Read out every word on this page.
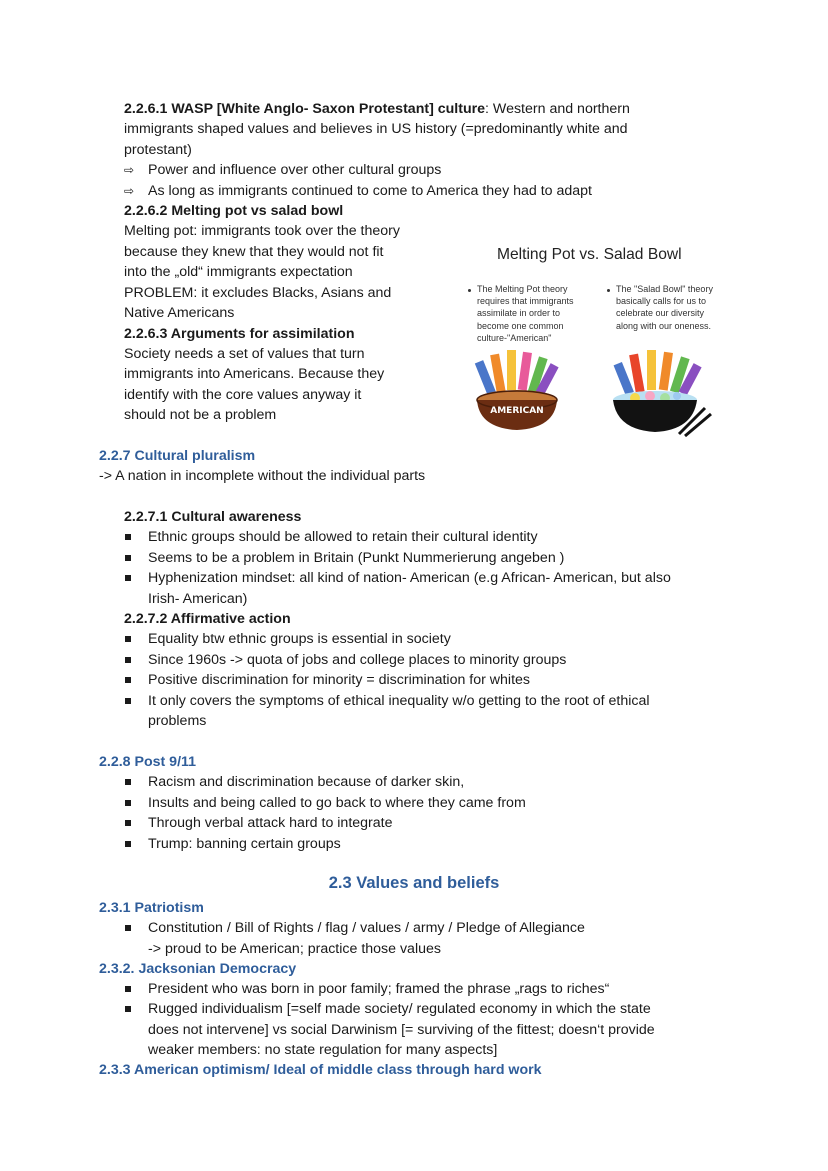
2.2.6.1 WASP [White Anglo- Saxon Protestant] culture: Western and northern
immigrants shaped values and believes in US history (=predominantly white and
protestant)
⇨ Power and influence over other cultural groups
⇨ As long as immigrants continued to come to America they had to adapt
2.2.6.2 Melting pot vs salad bowl
Melting pot: immigrants took over the theory
because they knew that they would not fit
into the „old“ immigrants expectation
PROBLEM: it excludes Blacks, Asians and
Native Americans
2.2.6.3 Arguments for assimilation
Society needs a set of values that turn
immigrants into Americans. Because they
identify with the core values anyway it
should not be a problem
Melting Pot vs. Salad Bowl
The Melting Pot theory
requires that immigrants
assimilate in order to
become one common
culture-"American"
The "Salad Bowl" theory
basically calls for us to
celebrate our diversity
along with our oneness.
AMERICAN
2.2.7 Cultural pluralism
-> A nation in incomplete without the individual parts
2.2.7.1 Cultural awareness
Ethnic groups should be allowed to retain their cultural identity
Seems to be a problem in Britain (Punkt Nummerierung angeben )
Hyphenization mindset: all kind of nation- American (e.g African- American, but also
Irish- American)
2.2.7.2 Affirmative action
Equality btw ethnic groups is essential in society
Since 1960s -> quota of jobs and college places to minority groups
Positive discrimination for minority = discrimination for whites
It only covers the symptoms of ethical inequality w/o getting to the root of ethical
problems
2.2.8 Post 9/11
Racism and discrimination because of darker skin,
Insults and being called to go back to where they came from
Through verbal attack hard to integrate
Trump: banning certain groups
2.3 Values and beliefs
2.3.1 Patriotism
Constitution / Bill of Rights / flag / values / army / Pledge of Allegiance
-> proud to be American; practice those values
2.3.2. Jacksonian Democracy
President who was born in poor family; framed the phrase „rags to riches“
Rugged individualism [=self made society/ regulated economy in which the state
does not intervene] vs social Darwinism [= surviving of the fittest; doesn‘t provide
weaker members: no state regulation for many aspects]
2.3.3 American optimism/ Ideal of middle class through hard work
